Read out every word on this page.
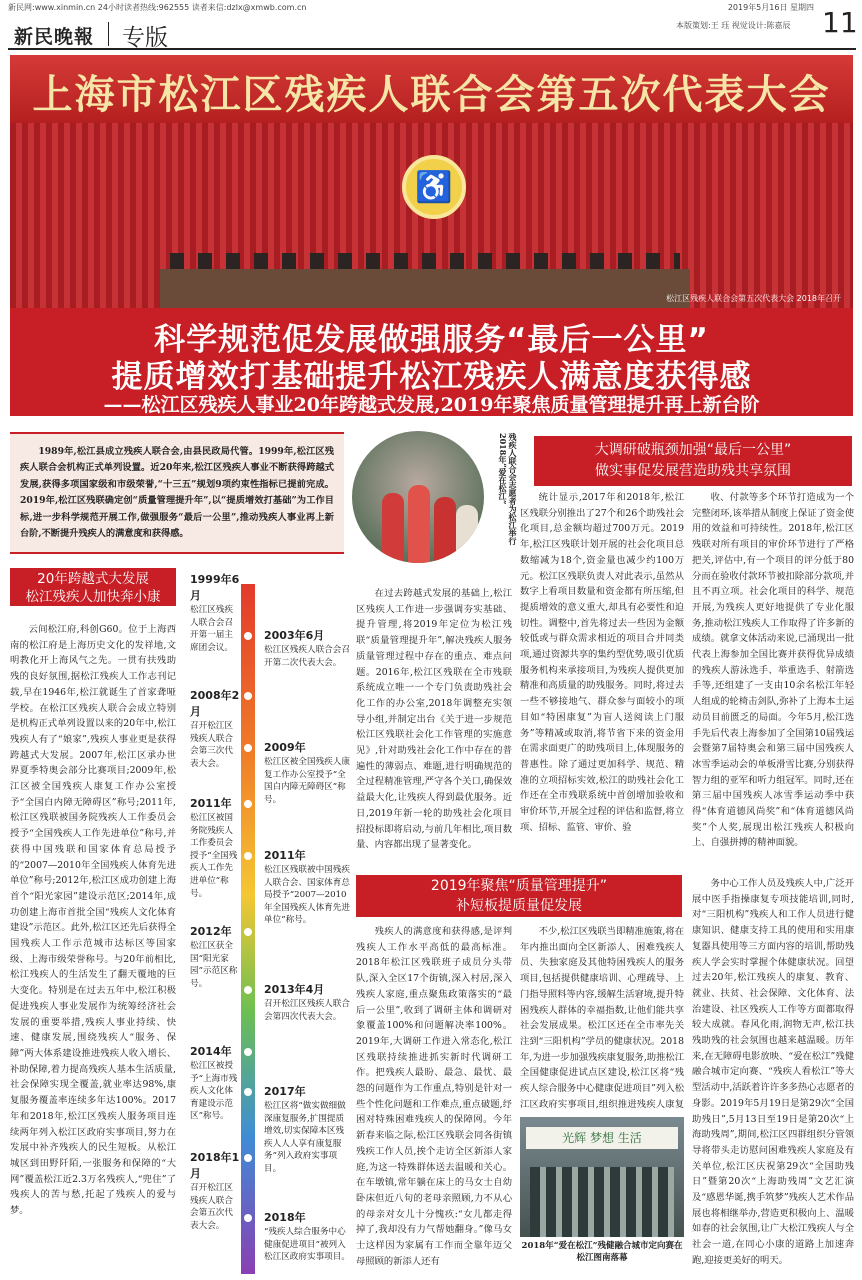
新民网:www.xinmin.cn 24小时读者热线:962555 读者来信:dzlx@xmwb.com.cn	2019年5月16日 星期四
新民晚報 专版	本版策划:王 珏 视觉设计:陈嘉辰 11
上海市松江区残疾人联合会第五次代表大会
♿
松江区残疾人联合会第五次代表大会 2018年召开
科学规范促发展做强服务“最后一公里”
提质增效打基础提升松江残疾人满意度获得感
——松江区残疾人事业20年跨越式发展,2019年聚焦质量管理提升再上新台阶
1989年,松江县成立残疾人联合会,由县民政局代管。1999年,松江区残疾人联合会机构正式单列设置。近20年来,松江区残疾人事业不断获得跨越式发展,获得多项国家级和市级荣誉,“十三五”规划9项约束性指标已提前完成。2019年,松江区残联确定创“质量管理提升年”,以“提质增效打基础”为工作目标,进一步科学规范开展工作,做强服务“最后一公里”,推动残疾人事业再上新台阶,不断提升残疾人的满意度和获得感。	残疾人联合会志愿者为松江举行2018年“爱在松江”	大调研破瓶颈加强“最后一公里”
做实事促发展营造助残共享氛围
20年跨越式大发展
松江残疾人加快奔小康
2019年聚焦“质量管理提升”
补短板提质量促发展
云间松江府,科创G60。位于上海西南的松江府是上海历史文化的发祥地,文明教化开上海风气之先。一贯有扶残助残的良好氛围,据松江残疾人工作志刊记载,早在1946年,松江就诞生了首家聋哑学校。在松江区残疾人联合会成立特别是机构正式单列设置以来的20年中,松江残疾人有了“娘家”,残疾人事业更是获得跨越式大发展。2007年,松江区承办世界夏季特奥会部分比赛项目;2009年,松江区被全国残疾人康复工作办公室授予“全国白内障无障碍区”称号;2011年,松江区残联被国务院残疾人工作委员会授予“全国残疾人工作先进单位”称号,并获得中国残联和国家体育总局授予的“2007—2010年全国残疾人体育先进单位”称号;2012年,松江区成功创建上海首个“阳光家园”建设示范区;2014年,成功创建上海市首批全国“残疾人文化体育建设”示范区。此外,松江区还先后获得全国残疾人工作示范城市达标区等国家级、上海市级荣誉称号。与20年前相比,松江残疾人的生活发生了翻天覆地的巨大变化。特别是在过去五年中,松江积极促进残疾人事业发展作为统筹经济社会发展的重要举措,残疾人事业持续、快速、健康发展,围绕残疾人“服务、保障”两大体系建设推进残疾人收入增长、补助保障,着力提高残疾人基本生活质量,社会保障实现全覆盖,就业率达98%,康复服务覆盖率连续多年达100%。2017年和2018年,松江区残疾人服务项目连续两年列入松江区政府实事项目,努力在发展中补齐残疾人的民生短板。从松江城区到田野阡陌,一张服务和保障的“大网”覆盖松江近2.3万名残疾人,“兜住”了残疾人的苦与愁,托起了残疾人的爱与梦。
1999年6月
松江区残疾人联合会召开第一届主席团会议。
2003年6月
松江区残疾人联合会召开第二次代表大会。
2008年2月
召开松江区残疾人联合会第三次代表大会。
2009年
松江区被全国残疾人康复工作办公室授予“全国白内障无障碍区”称号。
2011年
松江区被国务院残疾人工作委员会授予“全国残疾人工作先进单位”称号。
2011年
松江区残联被中国残疾人联合会、国家体育总局授予“2007—2010年全国残疾人体育先进单位”称号。
2012年
松江区获全国“阳光家园”示范区称号。	2013年4月
召开松江区残疾人联合会第四次代表大会。
2014年
松江区被授予“上海市残疾人文化体育建设示范区”称号。
2017年
松江区将“做实做细做深康复服务,扩围提质增效,切实保障本区残疾人人人享有康复服务”列入政府实事项目。
2018年1月
召开松江区残疾人联合会第五次代表大会。
2018年
“残疾人综合服务中心健康促进项目”被列入松江区政府实事项目。
在过去跨越式发展的基础上,松江区残疾人工作进一步强调夯实基础、提升管理,将2019年定位为松江残联“质量管理提升年”,解决残疾人服务质量管理过程中存在的重点、难点问题。2016年,松江区残联在全市残联系统成立唯一一个专门负责助残社会化工作的办公室,2018年调整充实领导小组,并制定出台《关于进一步规范松江区残联社会化工作管理的实施意见》,针对助残社会化工作中存在的普遍性的薄弱点、难题,进行明确规范的全过程精准管理,严守各个关口,确保效益最大化,让残疾人得到最优服务。近日,2019年新一轮的助残社会化项目招投标即将启动,与前几年相比,项目数量、内容都出现了显著变化。
统计显示,2017年和2018年,松江区残联分别推出了27个和26个助残社会化项目,总金额均超过700万元。2019年,松江区残联计划开展的社会化项目总数缩减为18个,资金量也减少约100万元。松江区残联负责人对此表示,虽然从数字上看项目数量和资金都有所压缩,但提质增效的意义重大,却具有必要性和迫切性。调整中,首先将过去一些因为金额较低或与群众需求相近的项目合并同类项,通过资源共享的集约型优势,吸引优质服务机构来承接项目,为残疾人提供更加精准和高质量的助残服务。同时,将过去一些不够接地气、群众参与面较小的项目如“特困康复”为盲人送阅读上门服务”等精减或取消,将节省下来的资金用在需求面更广的助残项目上,体现服务的普惠性。除了通过更加科学、规范、精准的立项招标实效,松江的助残社会化工作还在全市残联系统中首创增加验收和审价环节,开展全过程的评估和监督,将立项、招标、监管、审价、验
收、付款等多个环节打造成为一个完整闭环,该举措从制度上保证了资金使用的效益和可持续性。2018年,松江区残联对所有项目的审价环节进行了严格把关,评估中,有一个项目的评分低于80分而在验收付款环节被扣除部分款项,并且不再立项。社会化项目的科学、规范开展,为残疾人更好地提供了专业化服务,推动松江残疾人工作取得了许多新的成绩。就拿文体活动来说,已涌现出一批代表上海参加全国比赛并获得优异成绩的残疾人游泳选手、举重选手、射箭选手等,还组建了一支由10余名松江年轻人组成的轮椅击剑队,弥补了上海本土运动员目前匮乏的局面。今年5月,松江选手先后代表上海参加了全国第10届残运会暨第7届特奥会和第三届中国残疾人冰雪季运动会的单板滑雪比赛,分别获得智力组的亚军和听力组冠军。同时,还在第三届中国残疾人冰雪季运动季中获得“体育道德风尚奖”和“体育道德风尚奖”个人奖,展现出松江残疾人积极向上、自强拼搏的精神面貌。
残疾人的满意度和获得感,是评判残疾人工作水平高低的最高标准。2018年松江区残联班子成员分头带队,深入全区17个街镇,深入村居,深入残疾人家庭,重点聚焦政策落实的“最后一公里”,收到了调研主体和调研对象覆盖100%和问题解决率100%。2019年,大调研工作进入常态化,松江区残联持续推进抓实新时代调研工作。把残疾人最盼、最急、最忧、最怨的问题作为工作重点,特别是针对一些个性化问题和工作难点,重点破题,纾困对特殊困难残疾人的保障网。今年新春来临之际,松江区残联会同各街镇残疾工作人员,挨个走访全区新添人家庭,为这一特殊群体送去温暖和关心。在车墩镇,常年躺在床上的马女士自幼卧床但近八旬的老母亲照顾,力不从心的母亲对女儿十分愧疚:“女儿都走得掉了,我却没有力气帮她翻身。”像马女士这样因为家属有工作而全靠年迈父母照顾的新添人还有
不少,松江区残联当即精准施策,将在年内推出面向全区新添人、困难残疾人员、失独家庭及其他特困残疾人的服务项目,包括提供健康培训、心理疏导、上门指导照料等内容,缓解生活窘境,提升特困残疾人群体的幸福指数,让他们能共享社会发展成果。松江区还在全市率先关注到“三阳机构”学员的健康状况。2018年,为进一步加强残疾康复服务,助推松江全国健康促进试点区建设,松江区将“残疾人综合服务中心健康促进项目”列入松江区政府实事项目,组织推进残疾人康复
务中心工作人员及残疾人中,广泛开展中医手指操康复专项技能培训,同时,对“三阳机构”残疾人和工作人员进行健康知识、健康支持工具的使用和实用康复器具使用等三方面内容的培训,帮助残疾人学会实时掌握个体健康状况。回望过去20年,松江残疾人的康复、教育、就业、扶贫、社会保障、文化体育、法治建设、社区残疾人工作等方面都取得较大成就。春风化雨,润物无声,松江扶残助残的社会氛围也越来越温暖。历年来,在无障碍电影放映、“爱在松江”残健融合城市定向赛、“残疾人看松江”等大型活动中,活跃着许许多多热心志愿者的身影。2019年5月19日是第29次“全国助残日”,5月13日至19日是第20次“上海助残周”,期间,松江区四群组织分管领导将带头走访慰问困难残疾人家庭及有关单位,松江区庆祝第29次“全国助残日”暨第20次“上海助残周”文艺汇演及“感恩华诞,携手筑梦”残疾人艺术作品展也将相继举办,营造更积极向上、温暖如春的社会氛围,让广大松江残疾人与全社会一道,在同心小康的道路上加速奔跑,迎接更美好的明天。
光辉 梦想 生活
2018年“爱在松江”残健融合城市定向赛在松江图南落幕
